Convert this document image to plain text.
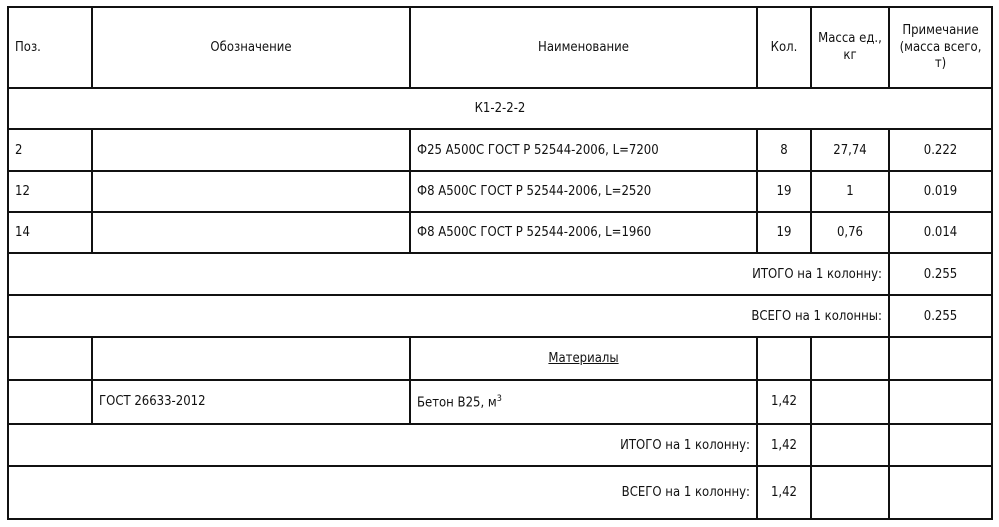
Поз.	Обозначение	Наименование	Кол.	Масса ед., кг	Примечание (масса всего, т)
К1-2-2-2					
2		Ф25 А500С ГОСТ Р 52544-2006, L=7200	8	27,74	0.222
12		Ф8 А500С ГОСТ Р 52544-2006, L=2520	19	1	0.019
14		Ф8 А500С ГОСТ Р 52544-2006, L=1960	19	0,76	0.014
ИТОГО на 1 колонну:					0.255
ВСЕГО на 1 колонны:					0.255
		Материалы			
	ГОСТ 26633-2012	Бетон В25, $м^3$	1,42		
ИТОГО на 1 колонну:			1,42		
ВСЕГО на 1 колонну:			1,42		
